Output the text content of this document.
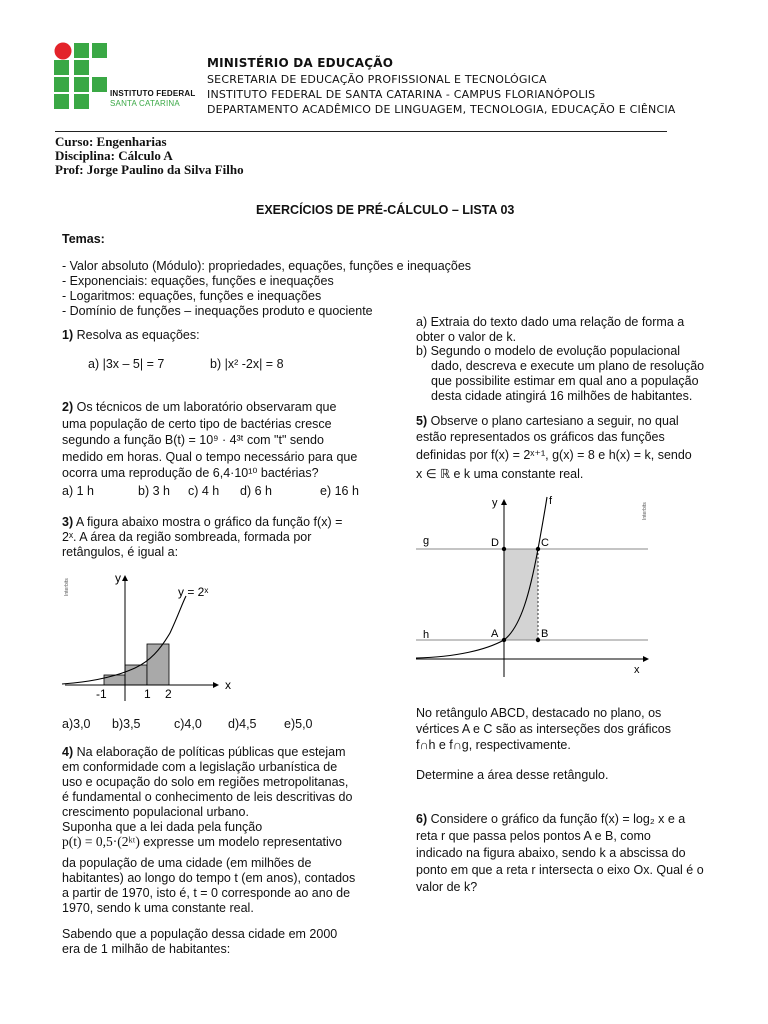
INSTITUTO FEDERAL
SANTA CATARINA
MINISTÉRIO DA EDUCAÇÃO
SECRETARIA DE EDUCAÇÃO PROFISSIONAL E TECNOLÓGICA
INSTITUTO FEDERAL DE SANTA CATARINA - CAMPUS FLORIANÓPOLIS
DEPARTAMENTO ACADÊMICO DE LINGUAGEM, TECNOLOGIA, EDUCAÇÃO E CIÊNCIA
Curso: Engenharias
Disciplina: Cálculo A
Prof: Jorge Paulino da Silva Filho
EXERCÍCIOS DE PRÉ-CÁLCULO – LISTA 03
Temas:
- Valor absoluto (Módulo): propriedades, equações, funções e inequações
- Exponenciais: equações, funções e inequações
- Logaritmos: equações, funções e inequações
- Domínio de funções – inequações produto e quociente
1) Resolva as equações:
a) |3x – 5| = 7	b) |x² -2x| = 8
2) Os técnicos de um laboratório observaram que
uma população de certo tipo de bactérias cresce
segundo a função B(t) = 10⁹ · 4³ᵗ com "t" sendo
medido em horas. Qual o tempo necessário para que
ocorra uma reprodução de 6,4·10¹⁰ bactérias?
a) 1 h	b) 3 h c) 4 h d) 6 h	e) 16 h
3) A figura abaixo mostra o gráfico da função f(x) =
2ˣ. A área da região sombreada, formada por
retângulos, é igual a:
y
x
y = 2ˣ
-1	1 2
Interbits
a)3,0 b)3,5	c)4,0 d)4,5 e)5,0
4) Na elaboração de políticas públicas que estejam
em conformidade com a legislação urbanística de
uso e ocupação do solo em regiões metropolitanas,
é fundamental o conhecimento de leis descritivas do
crescimento populacional urbano.
Suponha que a lei dada pela função
p(t) = 0,5·(2ᵏᵗ) expresse um modelo representativo
da população de uma cidade (em milhões de
habitantes) ao longo do tempo t (em anos), contados
a partir de 1970, isto é, t = 0 corresponde ao ano de
1970, sendo k uma constante real.
Sabendo que a população dessa cidade em 2000
era de 1 milhão de habitantes:
a) Extraia do texto dado uma relação de forma a
obter o valor de k.
b) Segundo o modelo de evolução populacional
dado, descreva e execute um plano de resolução
que possibilite estimar em qual ano a população
desta cidade atingirá 16 milhões de habitantes.
5) Observe o plano cartesiano a seguir, no qual
estão representados os gráficos das funções
definidas por f(x) = 2ˣ⁺¹, g(x) = 8 e h(x) = k, sendo
x ∈ ℝ e k uma constante real.
y	f
g
h
D	C
A	B
x
Interbits
No retângulo ABCD, destacado no plano, os
vértices A e C são as interseções dos gráficos
f∩h e f∩g, respectivamente.
Determine a área desse retângulo.
6) Considere o gráfico da função f(x) = log₂ x e a
reta r que passa pelos pontos A e B, como
indicado na figura abaixo, sendo k a abscissa do
ponto em que a reta r intersecta o eixo Ox. Qual é o
valor de k?
